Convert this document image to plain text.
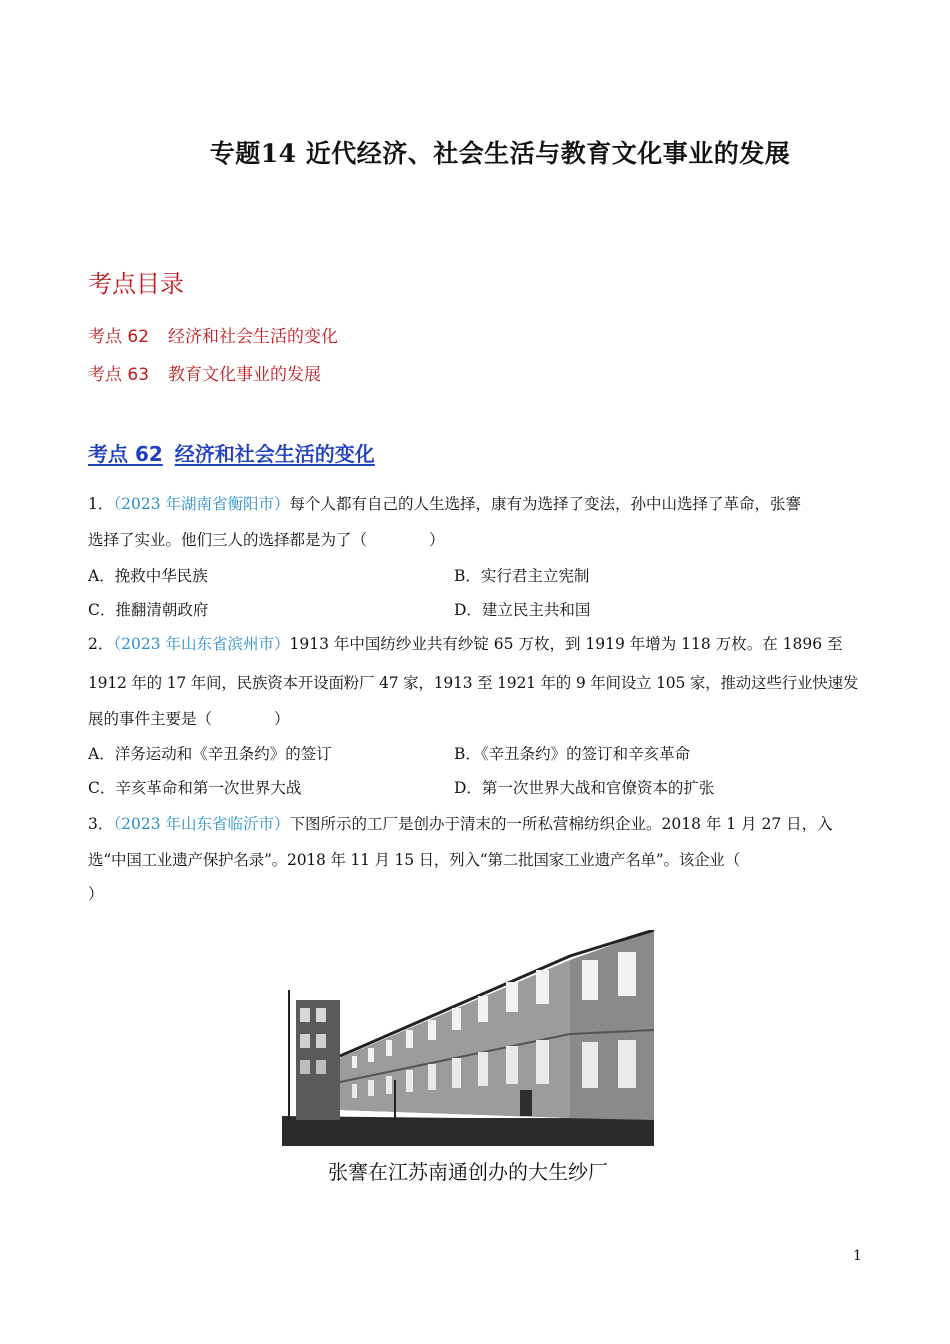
专题14 近代经济、社会生活与教育文化事业的发展
考点目录
考点 62 经济和社会生活的变化
考点 63 教育文化事业的发展
考点 62 经济和社会生活的变化
1．（2023 年湖南省衡阳市）每个人都有自己的人生选择，康有为选择了变法，孙中山选择了革命，张謇
选择了实业。他们三人的选择都是为了（　　　　）
A．挽救中华民族	B．实行君主立宪制
C．推翻清朝政府	D．建立民主共和国
2．（2023 年山东省滨州市）1913 年中国纺纱业共有纱锭 65 万枚，到 1919 年增为 118 万枚。在 1896 至
1912 年的 17 年间，民族资本开设面粉厂 47 家，1913 至 1921 年的 9 年间设立 105 家，推动这些行业快速发
展的事件主要是（　　　　）
A．洋务运动和《辛丑条约》的签订	B．《辛丑条约》的签订和辛亥革命
C．辛亥革命和第一次世界大战	D．第一次世界大战和官僚资本的扩张
3．（2023 年山东省临沂市）下图所示的工厂是创办于清末的一所私营棉纺织企业。2018 年 1 月 27 日，入
选“中国工业遗产保护名录”。2018 年 11 月 15 日，列入“第二批国家工业遗产名单”。该企业（
）
张謇在江苏南通创办的大生纱厂
1
